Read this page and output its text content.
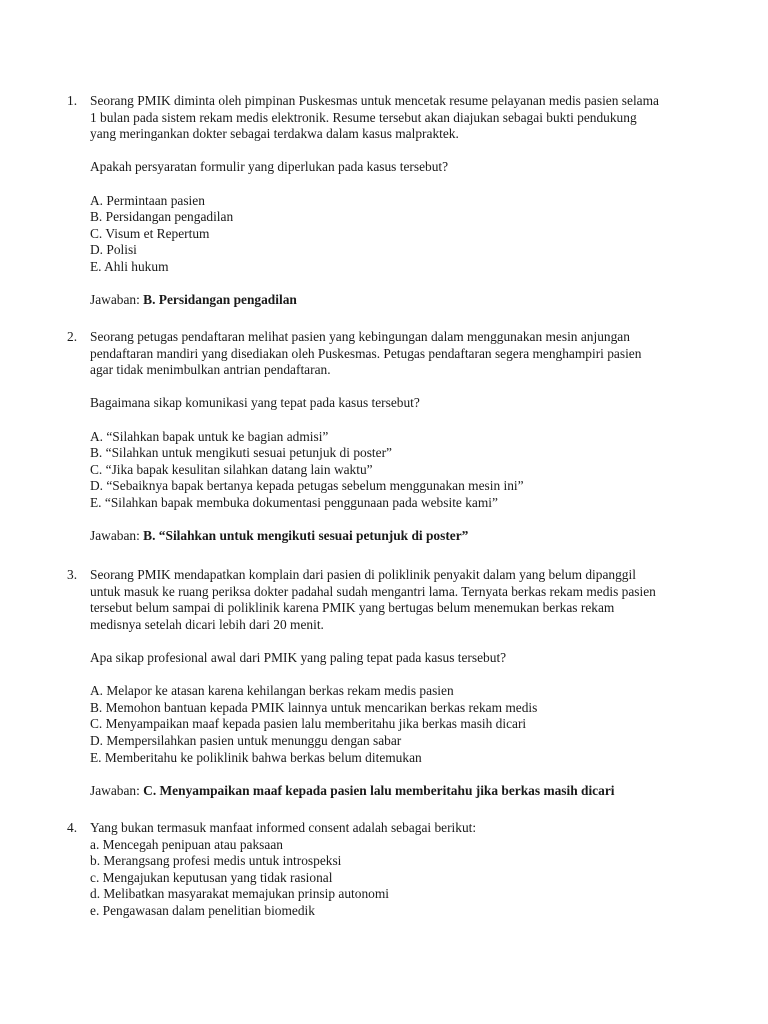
1. Seorang PMIK diminta oleh pimpinan Puskesmas untuk mencetak resume pelayanan medis pasien selama

1 bulan pada sistem rekam medis elektronik. Resume tersebut akan diajukan sebagai bukti pendukung

yang meringankan dokter sebagai terdakwa dalam kasus malpraktek.

Apakah persyaratan formulir yang diperlukan pada kasus tersebut?

A. Permintaan pasien

B. Persidangan pengadilan

C. Visum et Repertum

D. Polisi

E. Ahli hukum

Jawaban: B. Persidangan pengadilan

2. Seorang petugas pendaftaran melihat pasien yang kebingungan dalam menggunakan mesin anjungan

pendaftaran mandiri yang disediakan oleh Puskesmas. Petugas pendaftaran segera menghampiri pasien

agar tidak menimbulkan antrian pendaftaran.

Bagaimana sikap komunikasi yang tepat pada kasus tersebut?

A. “Silahkan bapak untuk ke bagian admisi”

B. “Silahkan untuk mengikuti sesuai petunjuk di poster”

C. “Jika bapak kesulitan silahkan datang lain waktu”

D. “Sebaiknya bapak bertanya kepada petugas sebelum menggunakan mesin ini”

E. “Silahkan bapak membuka dokumentasi penggunaan pada website kami”

Jawaban: B. “Silahkan untuk mengikuti sesuai petunjuk di poster”

3. Seorang PMIK mendapatkan komplain dari pasien di poliklinik penyakit dalam yang belum dipanggil

untuk masuk ke ruang periksa dokter padahal sudah mengantri lama. Ternyata berkas rekam medis pasien

tersebut belum sampai di poliklinik karena PMIK yang bertugas belum menemukan berkas rekam

medisnya setelah dicari lebih dari 20 menit.

Apa sikap profesional awal dari PMIK yang paling tepat pada kasus tersebut?

A. Melapor ke atasan karena kehilangan berkas rekam medis pasien

B. Memohon bantuan kepada PMIK lainnya untuk mencarikan berkas rekam medis

C. Menyampaikan maaf kepada pasien lalu memberitahu jika berkas masih dicari

D. Mempersilahkan pasien untuk menunggu dengan sabar

E. Memberitahu ke poliklinik bahwa berkas belum ditemukan

Jawaban: C. Menyampaikan maaf kepada pasien lalu memberitahu jika berkas masih dicari

4. Yang bukan termasuk manfaat informed consent adalah sebagai berikut:

a. Mencegah penipuan atau paksaan

b. Merangsang profesi medis untuk introspeksi

c. Mengajukan keputusan yang tidak rasional

d. Melibatkan masyarakat memajukan prinsip autonomi

e. Pengawasan dalam penelitian biomedik
